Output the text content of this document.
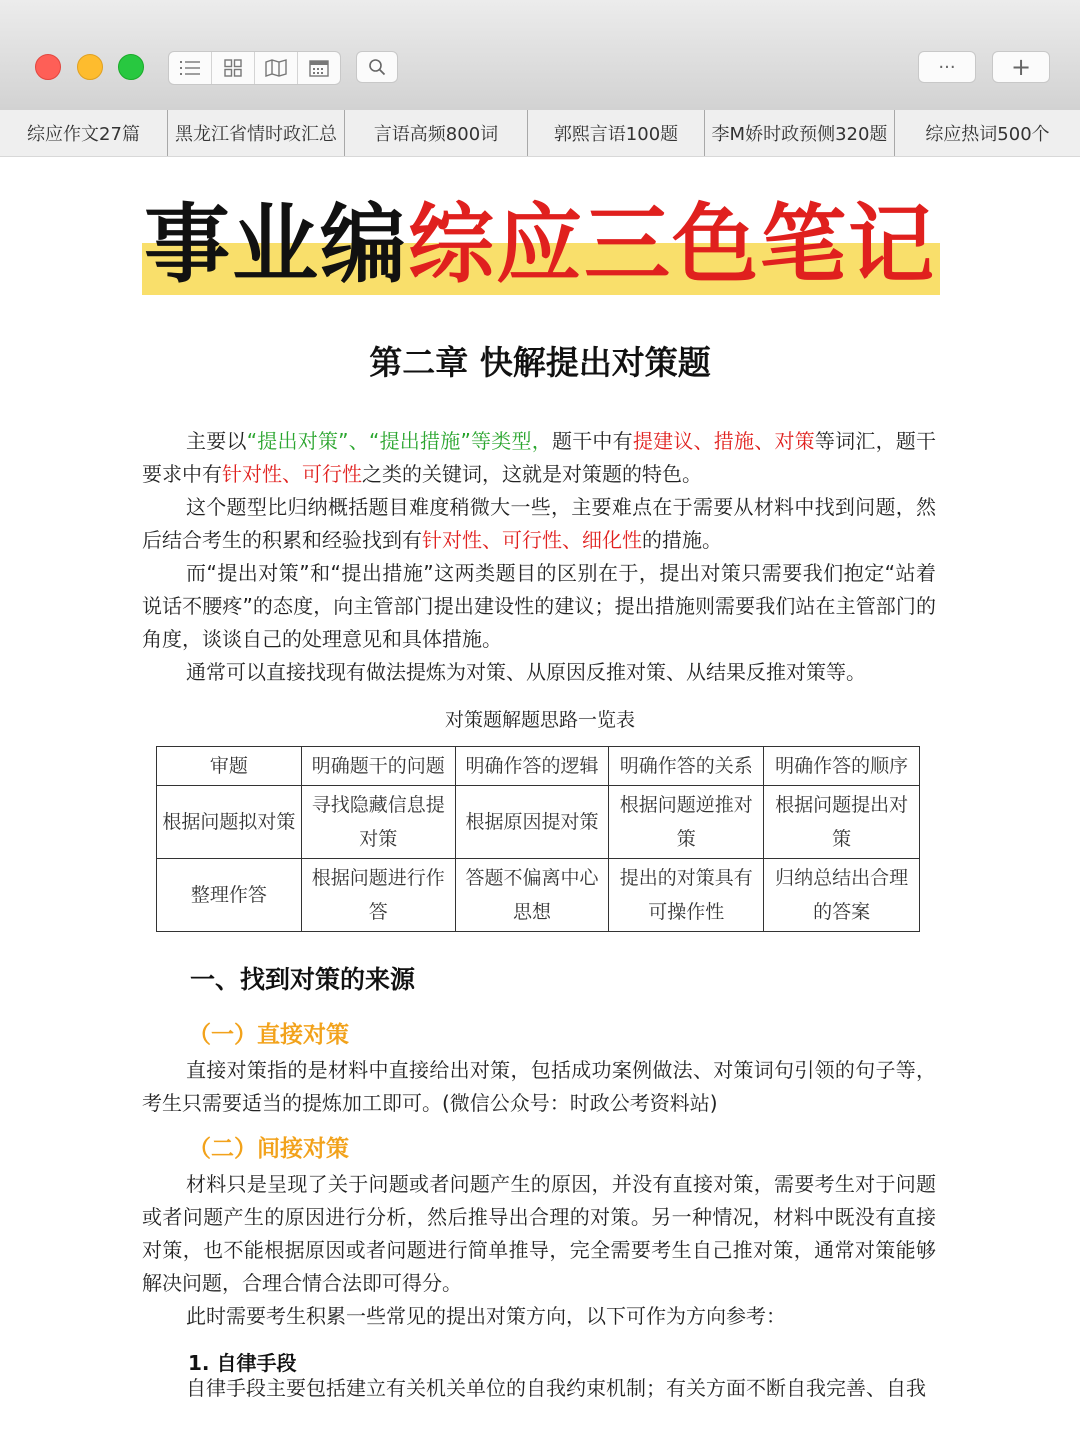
··· +
综应作文27篇	黑龙江省情时政汇总	言语高频800词	郭熙言语100题	李M娇时政预侧320题	综应热词500个
事业编综应三色笔记
第二章 快解提出对策题
主要以“提出对策”、“提出措施”等类型，题干中有提建议、措施、对策等词汇，题干要求中有针对性、可行性之类的关键词，这就是对策题的特色。
这个题型比归纳概括题目难度稍微大一些，主要难点在于需要从材料中找到问题，然后结合考生的积累和经验找到有针对性、可行性、细化性的措施。
而“提出对策”和“提出措施”这两类题目的区别在于，提出对策只需要我们抱定“站着说话不腰疼”的态度，向主管部门提出建设性的建议；提出措施则需要我们站在主管部门的角度，谈谈自己的处理意见和具体措施。
通常可以直接找现有做法提炼为对策、从原因反推对策、从结果反推对策等。
对策题解题思路一览表
审题	明确题干的问题	明确作答的逻辑	明确作答的关系	明确作答的顺序
根据问题拟对策	寻找隐藏信息提对策	根据原因提对策	根据问题逆推对策	根据问题提出对策
整理作答	根据问题进行作答	答题不偏离中心思想	提出的对策具有可操作性	归纳总结出合理的答案
一、找到对策的来源
（一）直接对策
直接对策指的是材料中直接给出对策，包括成功案例做法、对策词句引领的句子等，考生只需要适当的提炼加工即可。(微信公众号：时政公考资料站)
（二）间接对策
材料只是呈现了关于问题或者问题产生的原因，并没有直接对策，需要考生对于问题或者问题产生的原因进行分析，然后推导出合理的对策。另一种情况，材料中既没有直接对策，也不能根据原因或者问题进行简单推导，完全需要考生自己推对策，通常对策能够解决问题，合理合情合法即可得分。
此时需要考生积累一些常见的提出对策方向，以下可作为方向参考：
1. 自律手段
自律手段主要包括建立有关机关单位的自我约束机制；有关方面不断自我完善、自我
